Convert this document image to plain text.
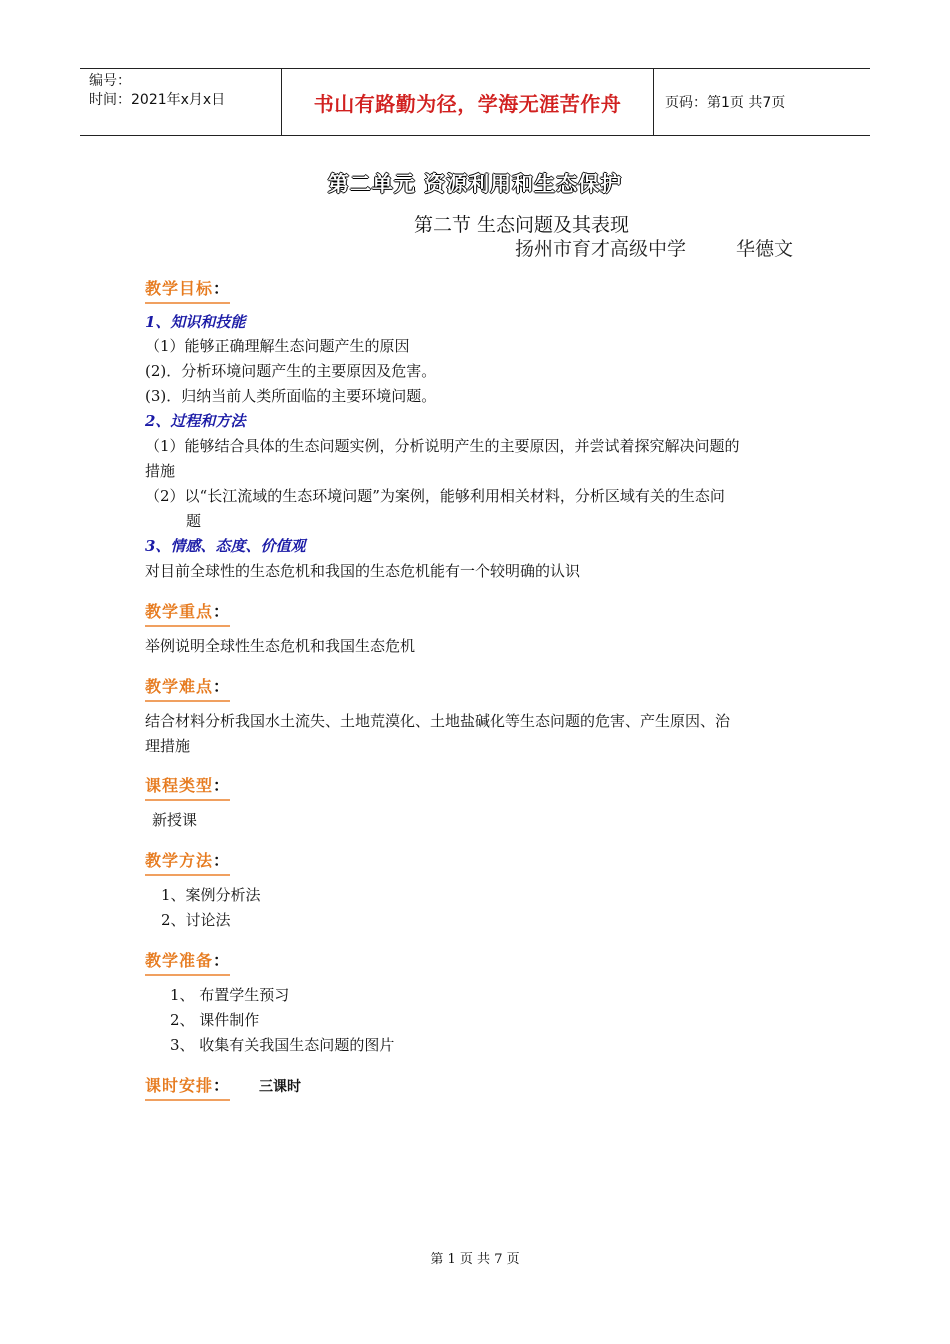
编号：
时间：2021年x月x日	书山有路勤为径，学海无涯苦作舟	页码：第1页 共7页
第二单元 资源利用和生态保护
第二节 生态问题及其表现
扬州市育才高级中学	华德文
教学目标：
1、知识和技能
（1）能够正确理解生态问题产生的原因
(2)．分析环境问题产生的主要原因及危害。
(3)．归纳当前人类所面临的主要环境问题。
2、过程和方法
（1）能够结合具体的生态问题实例，分析说明产生的主要原因，并尝试着探究解决问题的
措施
（2）以“长江流域的生态环境问题”为案例，能够利用相关材料，分析区域有关的生态问
题
3、情感、态度、价值观
对目前全球性的生态危机和我国的生态危机能有一个较明确的认识
教学重点：
举例说明全球性生态危机和我国生态危机
教学难点：
结合材料分析我国水土流失、土地荒漠化、土地盐碱化等生态问题的危害、产生原因、治
理措施
课程类型：
新授课
教学方法：
1、案例分析法
2、讨论法
教学准备：
1、 布置学生预习
2、 课件制作
3、 收集有关我国生态问题的图片
课时安排： 三课时
第 1 页 共 7 页
